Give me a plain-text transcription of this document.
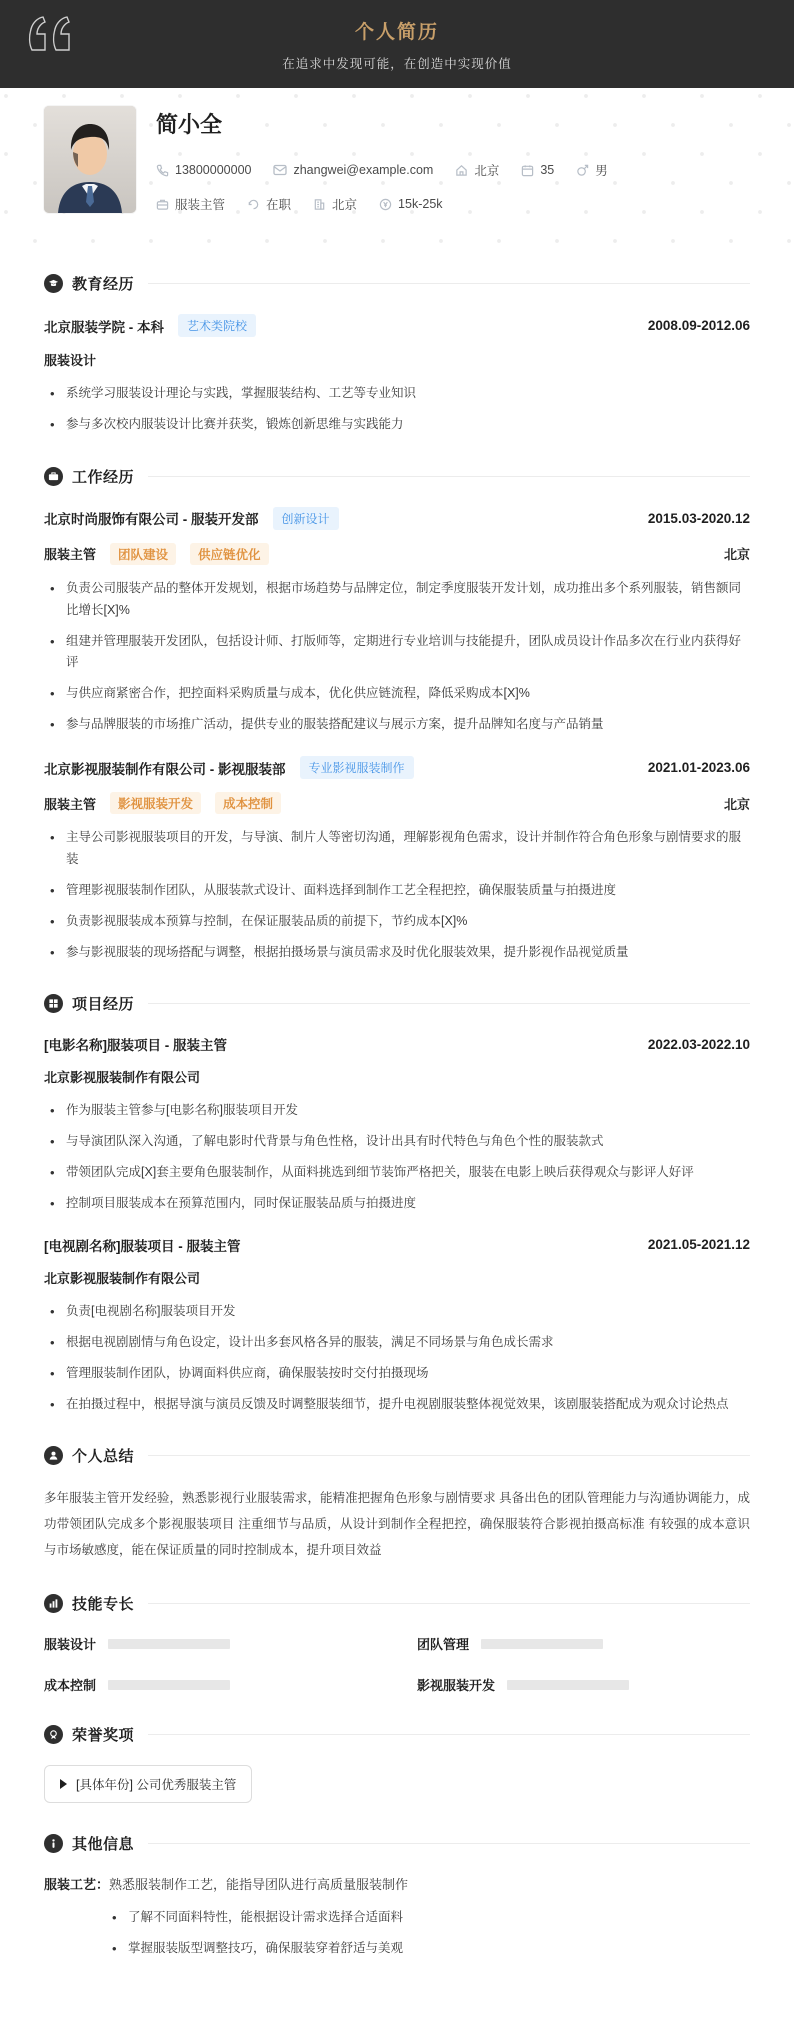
个人简历
在追求中发现可能，在创造中实现价值
简小全
13800000000	zhangwei@example.com	北京	35	男
服装主管	在职	北京	15k-25k
教育经历
北京服装学院 - 本科	艺术类院校	2008.09-2012.06
服装设计
• 系统学习服装设计理论与实践，掌握服装结构、工艺等专业知识
• 参与多次校内服装设计比赛并获奖，锻炼创新思维与实践能力
工作经历
北京时尚服饰有限公司 - 服装开发部	创新设计	2015.03-2020.12
服装主管	团队建设	供应链优化	北京
• 负责公司服装产品的整体开发规划，根据市场趋势与品牌定位，制定季度服装开发计划，成功推出多个系列服装，销售额同比增长[X]%
• 组建并管理服装开发团队，包括设计师、打版师等，定期进行专业培训与技能提升，团队成员设计作品多次在行业内获得好评
• 与供应商紧密合作，把控面料采购质量与成本，优化供应链流程，降低采购成本[X]%
• 参与品牌服装的市场推广活动，提供专业的服装搭配建议与展示方案，提升品牌知名度与产品销量
北京影视服装制作有限公司 - 影视服装部	专业影视服装制作	2021.01-2023.06
服装主管	影视服装开发	成本控制	北京
• 主导公司影视服装项目的开发，与导演、制片人等密切沟通，理解影视角色需求，设计并制作符合角色形象与剧情要求的服装
• 管理影视服装制作团队，从服装款式设计、面料选择到制作工艺全程把控，确保服装质量与拍摄进度
• 负责影视服装成本预算与控制，在保证服装品质的前提下，节约成本[X]%
• 参与影视服装的现场搭配与调整，根据拍摄场景与演员需求及时优化服装效果，提升影视作品视觉质量
项目经历
[电影名称]服装项目 - 服装主管	2022.03-2022.10
北京影视服装制作有限公司
• 作为服装主管参与[电影名称]服装项目开发
• 与导演团队深入沟通，了解电影时代背景与角色性格，设计出具有时代特色与角色个性的服装款式
• 带领团队完成[X]套主要角色服装制作，从面料挑选到细节装饰严格把关，服装在电影上映后获得观众与影评人好评
• 控制项目服装成本在预算范围内，同时保证服装品质与拍摄进度
[电视剧名称]服装项目 - 服装主管	2021.05-2021.12
北京影视服装制作有限公司
• 负责[电视剧名称]服装项目开发
• 根据电视剧剧情与角色设定，设计出多套风格各异的服装，满足不同场景与角色成长需求
• 管理服装制作团队，协调面料供应商，确保服装按时交付拍摄现场
• 在拍摄过程中，根据导演与演员反馈及时调整服装细节，提升电视剧服装整体视觉效果，该剧服装搭配成为观众讨论热点
个人总结

多年服装主管开发经验，熟悉影视行业服装需求，能精准把握角色形象与剧情要求 具备出色的团队管理能力与沟通协调能力，成功带领团队完成多个影视服装项目 注重细节与品质，从设计到制作全程把控，确保服装符合影视拍摄高标准 有较强的成本意识与市场敏感度，能在保证质量的同时控制成本，提升项目效益

技能专长
服装设计	团队管理
成本控制	影视服装开发
荣誉奖项
[具体年份] 公司优秀服装主管
其他信息
服装工艺：熟悉服装制作工艺，能指导团队进行高质量服装制作
• 了解不同面料特性，能根据设计需求选择合适面料
• 掌握服装版型调整技巧，确保服装穿着舒适与美观
